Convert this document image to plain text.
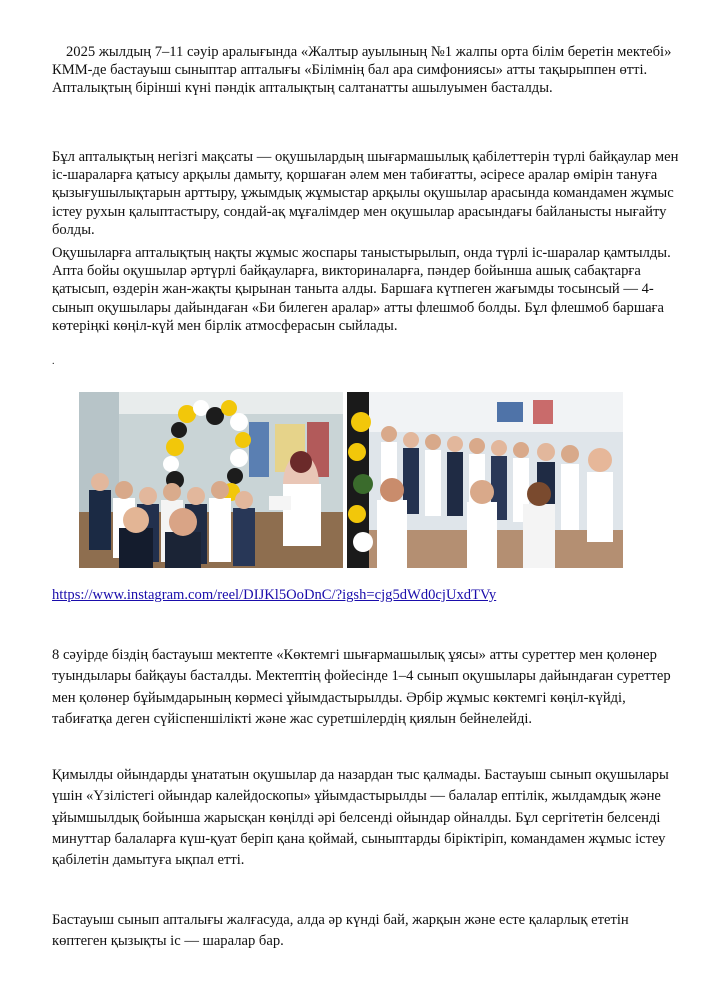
2025 жылдың 7–11 сәуір аралығында «Жалтыр ауылының №1 жалпы орта білім беретін мектебі» КММ-де бастауыш сыныптар апталығы «Білімнің бал ара симфониясы» атты тақырыппен өтті. Апталықтың бірінші күні пәндік апталықтың салтанатты ашылуымен басталды.

Бұл апталықтың негізгі мақсаты — оқушылардың шығармашылық қабілеттерін түрлі байқаулар мен іс-шараларға қатысу арқылы дамыту, қоршаған әлем мен табиғатты, әсіресе аралар өмірін тануға қызығушылықтарын арттыру, ұжымдық жұмыстар арқылы оқушылар арасында командамен жұмыс істеу рухын қалыптастыру, сондай-ақ мұғалімдер мен оқушылар арасындағы байланысты нығайту болды.

Оқушыларға апталықтың нақты жұмыс жоспары таныстырылып, онда түрлі іс-шаралар қамтылды. Апта бойы оқушылар әртүрлі байқауларға, викториналарға, пәндер бойынша ашық сабақтарға қатысып, өздерін жан-жақты қырынан таныта алды. Баршаға күтпеген жағымды тосынсый — 4-сынып оқушылары дайындаған «Би билеген аралар» атты флешмоб болды. Бұл флешмоб баршаға көтеріңкі көңіл-күй мен бірлік атмосферасын сыйлады.

.
https://www.instagram.com/reel/DIJKl5OoDnC/?igsh=cjg5dWd0cjUxdTVy

8 сәуірде біздің бастауыш мектепте «Көктемгі шығармашылық ұясы» атты суреттер мен қолөнер туындылары байқауы басталды. Мектептің фойесінде 1–4 сынып оқушылары дайындаған суреттер мен қолөнер бұйымдарының көрмесі ұйымдастырылды. Әрбір жұмыс көктемгі көңіл-күйді, табиғатқа деген сүйіспеншілікті және жас суретшілердің қиялын бейнелейді.

Қимылды ойындарды ұнататын оқушылар да назардан тыс қалмады. Бастауыш сынып оқушылары үшін «Үзілістегі ойындар калейдоскопы» ұйымдастырылды — балалар ептілік, жылдамдық және ұйымшылдық бойынша жарысқан көңілді әрі белсенді ойындар ойналды. Бұл сергітетін белсенді минуттар балаларға күш-қуат беріп қана қоймай, сыныптарды біріктіріп, командамен жұмыс істеу қабілетін дамытуға ықпал етті.

Бастауыш сынып апталығы жалғасуда, алда әр күнді бай, жарқын және есте қаларлық ететін көптеген қызықты іс — шаралар бар.
